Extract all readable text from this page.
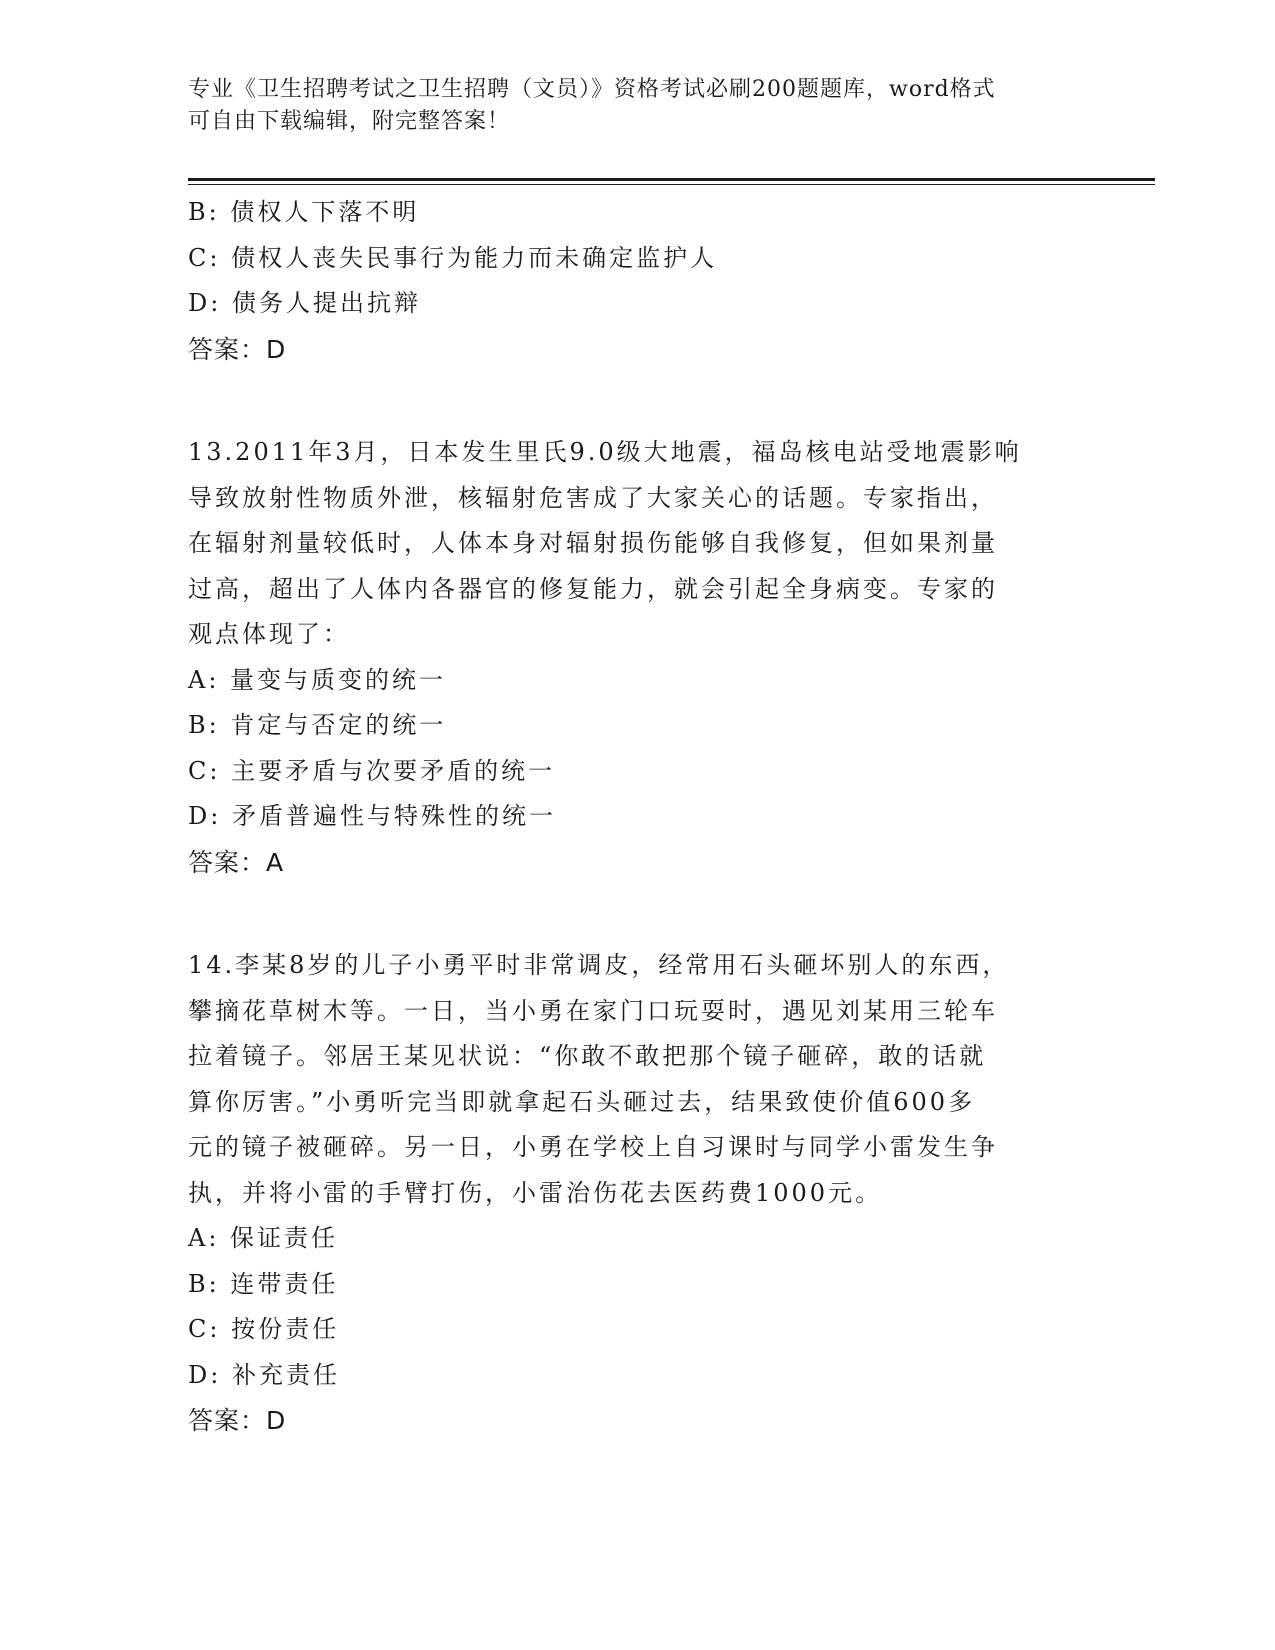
专业《卫生招聘考试之卫生招聘（文员）》资格考试必刷200题题库，word格式
可自由下载编辑，附完整答案！
B: 债权人下落不明
C: 债权人丧失民事行为能力而未确定监护人
D: 债务人提出抗辩
答案：D
13.2011年3月，日本发生里氏9.0级大地震，福岛核电站受地震影响
导致放射性物质外泄，核辐射危害成了大家关心的话题。专家指出，
在辐射剂量较低时，人体本身对辐射损伤能够自我修复，但如果剂量
过高，超出了人体内各器官的修复能力，就会引起全身病变。专家的
观点体现了：
A: 量变与质变的统一
B: 肯定与否定的统一
C: 主要矛盾与次要矛盾的统一
D: 矛盾普遍性与特殊性的统一
答案：A
14.李某8岁的儿子小勇平时非常调皮，经常用石头砸坏别人的东西，
攀摘花草树木等。一日，当小勇在家门口玩耍时，遇见刘某用三轮车
拉着镜子。邻居王某见状说：“你敢不敢把那个镜子砸碎，敢的话就
算你厉害。”小勇听完当即就拿起石头砸过去，结果致使价值600多
元的镜子被砸碎。另一日，小勇在学校上自习课时与同学小雷发生争
执，并将小雷的手臂打伤，小雷治伤花去医药费1000元。
A: 保证责任
B: 连带责任
C: 按份责任
D: 补充责任
答案：D
